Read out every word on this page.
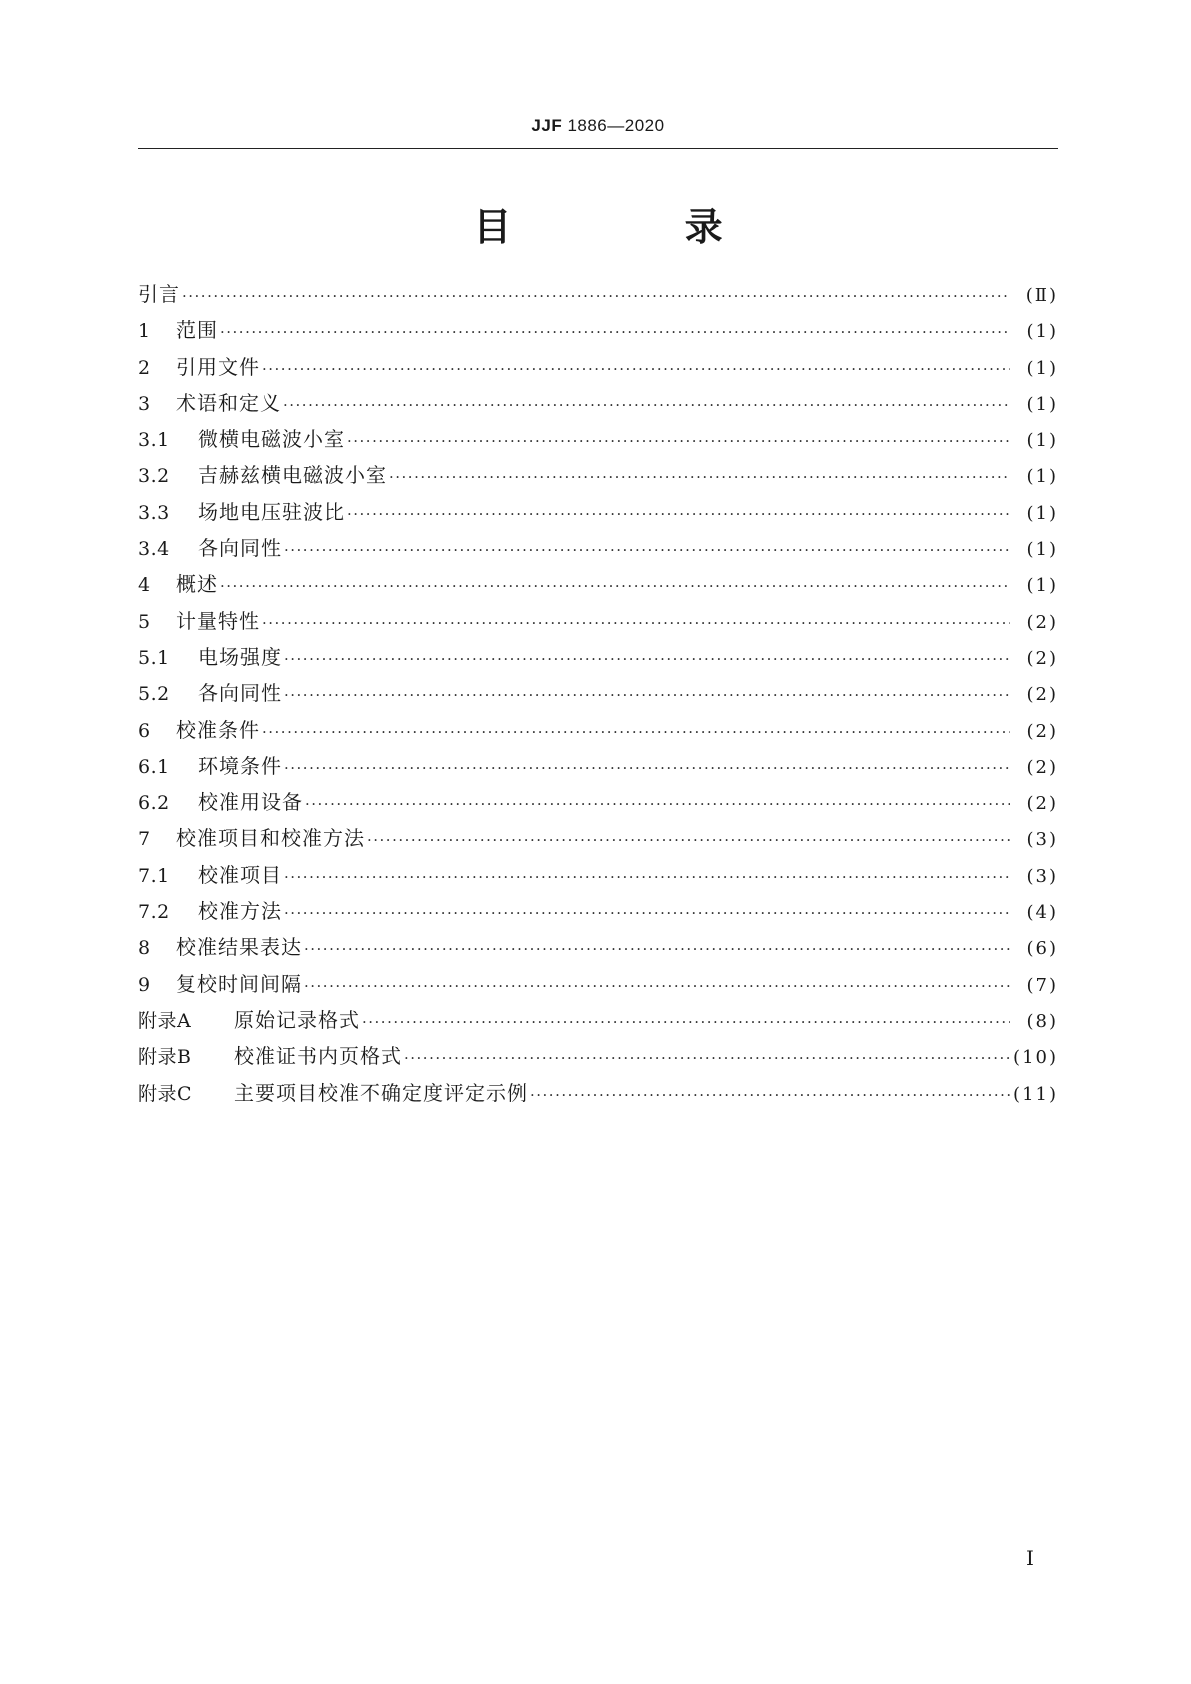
JJF 1886—2020
目 录
引言 ·····	(Ⅱ)
1	范围 ·····	(1)
2	引用文件 ·····	(1)
3	术语和定义 ·····	(1)
3.1	微横电磁波小室 ·····	(1)
3.2	吉赫兹横电磁波小室 ·····	(1)
3.3	场地电压驻波比 ·····	(1)
3.4	各向同性 ·····	(1)
4	概述 ·····	(1)
5	计量特性 ·····	(2)
5.1	电场强度 ·····	(2)
5.2	各向同性 ·····	(2)
6	校准条件 ·····	(2)
6.1	环境条件 ·····	(2)
6.2	校准用设备 ·····	(2)
7	校准项目和校准方法 ·····	(3)
7.1	校准项目 ·····	(3)
7.2	校准方法 ·····	(4)
8	校准结果表达 ·····	(6)
9	复校时间间隔 ·····	(7)
附录A	原始记录格式 ·····	(8)
附录B	校准证书内页格式 ·····	(10)
附录C	主要项目校准不确定度评定示例 ·····	(11)
Ⅰ
